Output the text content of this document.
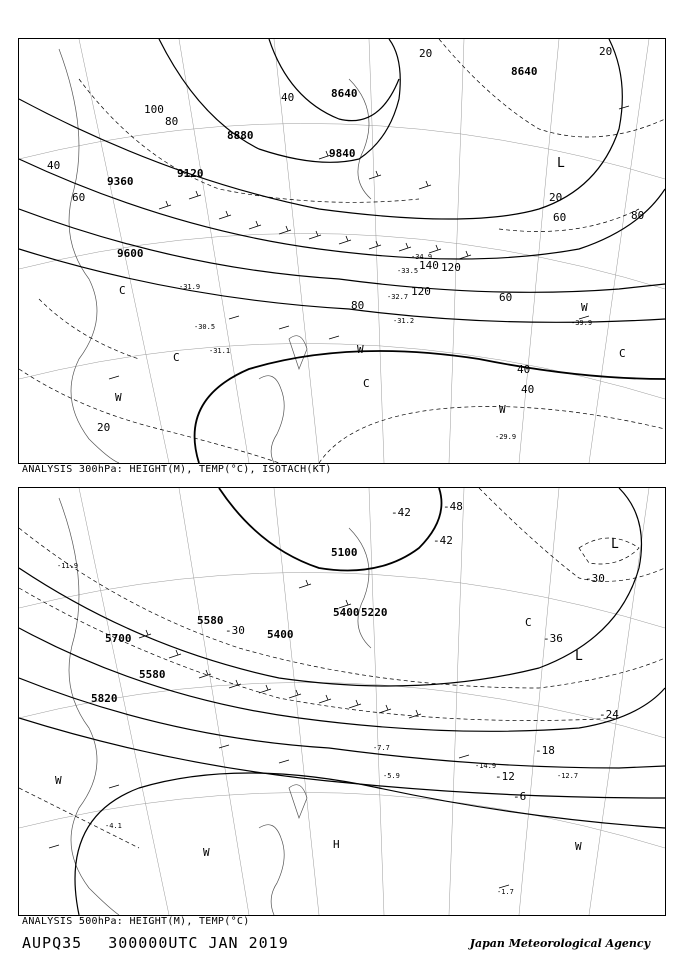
9360
9120
9600
8880
8640
8640
9840
100
80
60
40
20
40
120
140 120
80
60
40
20
60	80
20
40
20
-31.9
-30.5
-31.1
-39.9
-31.2
-29.9
-33.5
-32.7
-34.9
C
C
C
W
W
W
C
W
L
ANALYSIS 300hPa: HEIGHT(M), TEMP(°C), ISOTACH(KT)
5100
5220
5400
5580
5700
5820
5400
5580
-42
-48
-36
-30
-24
-18
-12
-6
-30
-42
-5.9
-7.7
-4.1
-1.7
-14.9
-12.7
-11.9
W
H
W
L
C
L
W
ANALYSIS 500hPa: HEIGHT(M), TEMP(°C)
AUPQ35 300000UTC JAN 2019	Japan Meteorological Agency
